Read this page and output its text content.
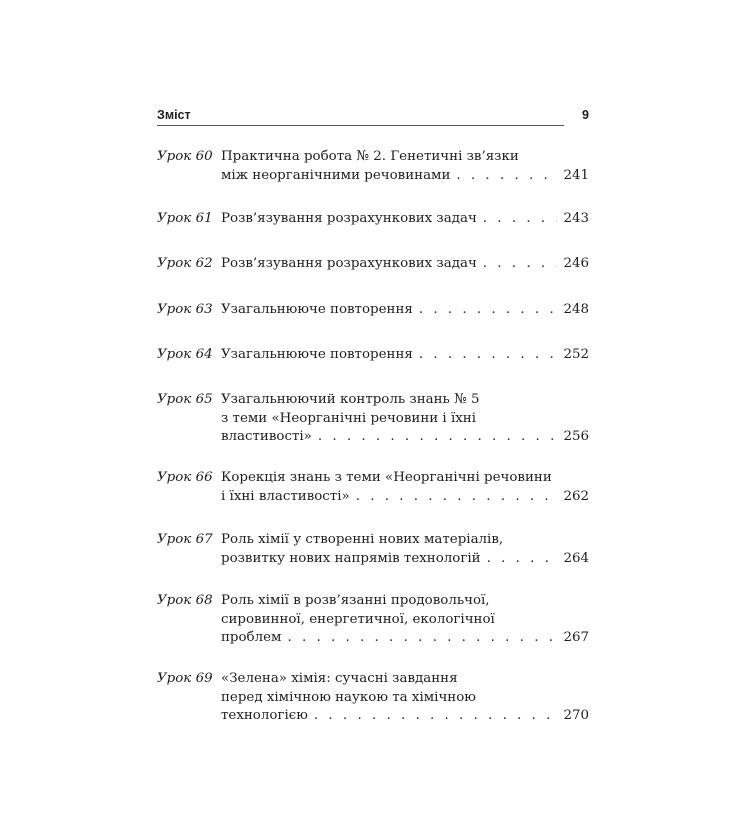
Зміст	9
Урок 60 Практична робота № 2. Генетичні зв’язки
між неорганічними речовинами . . .	241
Урок 61 Розв’язування розрахункових задач . . .	243
Урок 62 Розв’язування розрахункових задач . . .	246
Урок 63 Узагальнююче повторення . . .	248
Урок 64 Узагальнююче повторення . . .	252
Урок 65 Узагальнюючий контроль знань № 5
з теми «Неорганічні речовини і їхні
властивості» . . .	256
Урок 66 Корекція знань з теми «Неорганічні речовини
і їхні властивості» . . .	262
Урок 67 Роль хімії у створенні нових матеріалів,
розвитку нових напрямів технологій . . .	264
Урок 68 Роль хімії в розв’язанні продовольчої,
сировинної, енергетичної, екологічної
проблем . . .	267
Урок 69 «Зелена» хімія: сучасні завдання
перед хімічною наукою та хімічною
технологією . . .	270
